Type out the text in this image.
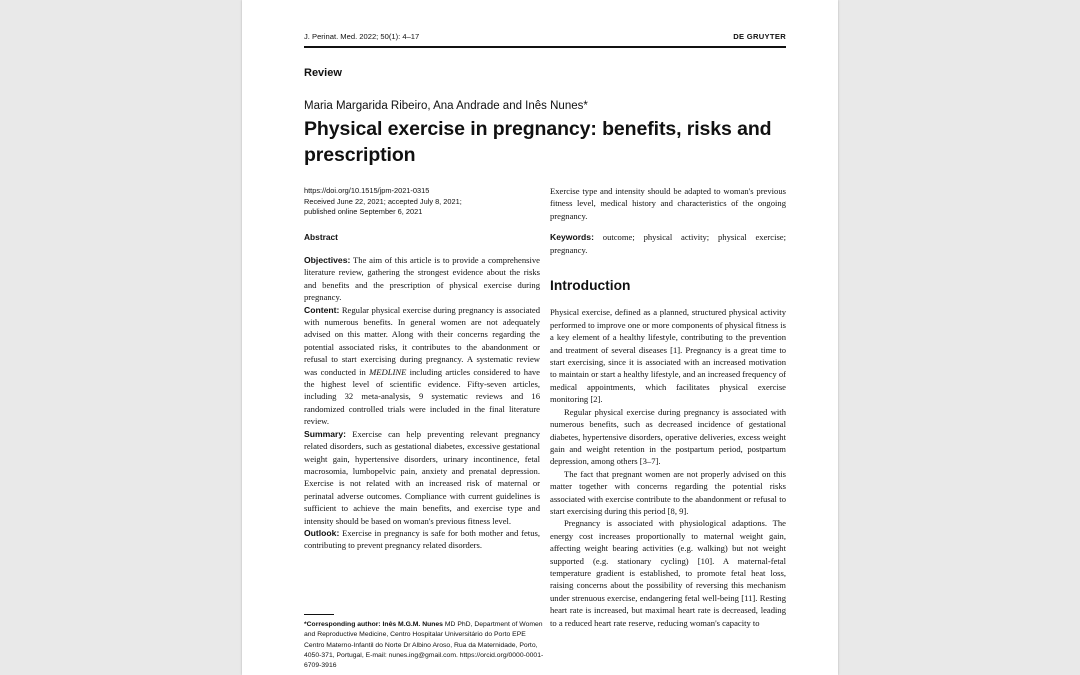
J. Perinat. Med. 2022; 50(1): 4–17	DE GRUYTER
Review
Maria Margarida Ribeiro, Ana Andrade and Inês Nunes*
Physical exercise in pregnancy: benefits, risks and prescription
https://doi.org/10.1515/jpm-2021-0315
Received June 22, 2021; accepted July 8, 2021;
published online September 6, 2021
Abstract

Objectives: The aim of this article is to provide a comprehensive literature review, gathering the strongest evidence about the risks and benefits and the prescription of physical exercise during pregnancy.

Content: Regular physical exercise during pregnancy is associated with numerous benefits. In general women are not adequately advised on this matter. Along with their concerns regarding the potential associated risks, it contributes to the abandonment or refusal to start exercising during pregnancy. A systematic review was conducted in MEDLINE including articles considered to have the highest level of scientific evidence. Fifty-seven articles, including 32 meta-analysis, 9 systematic reviews and 16 randomized controlled trials were included in the final literature review.

Summary: Exercise can help preventing relevant pregnancy related disorders, such as gestational diabetes, excessive gestational weight gain, hypertensive disorders, urinary incontinence, fetal macrosomia, lumbopelvic pain, anxiety and prenatal depression. Exercise is not related with an increased risk of maternal or perinatal adverse outcomes. Compliance with current guidelines is sufficient to achieve the main benefits, and exercise type and intensity should be based on woman's previous fitness level.

Outlook: Exercise in pregnancy is safe for both mother and fetus, contributing to prevent pregnancy related disorders.

Exercise type and intensity should be adapted to woman's previous fitness level, medical history and characteristics of the ongoing pregnancy.

Keywords: outcome; physical activity; physical exercise; pregnancy.

Introduction

Physical exercise, defined as a planned, structured physical activity performed to improve one or more components of physical fitness is a key element of a healthy lifestyle, contributing to the prevention and treatment of several diseases [1]. Pregnancy is a great time to start exercising, since it is associated with an increased motivation to maintain or start a healthy lifestyle, and an increased frequency of medical appointments, which facilitates physical exercise monitoring [2].

Regular physical exercise during pregnancy is associated with numerous benefits, such as decreased incidence of gestational diabetes, hypertensive disorders, operative deliveries, excess weight gain and weight retention in the postpartum period, postpartum depression, among others [3–7].

The fact that pregnant women are not properly advised on this matter together with concerns regarding the potential risks associated with exercise contribute to the abandonment or refusal to start exercising during this period [8, 9].

Pregnancy is associated with physiological adaptions. The energy cost increases proportionally to maternal weight gain, affecting weight bearing activities (e.g. walking) but not weight supported (e.g. stationary cycling) [10]. A maternal-fetal temperature gradient is established, to promote fetal heat loss, raising concerns about the possibility of reversing this mechanism under strenuous exercise, endangering fetal well-being [11]. Resting heart rate is increased, but maximal heart rate is decreased, leading to a reduced heart rate reserve, reducing woman's capacity to

*Corresponding author: Inês M.G.M. Nunes MD PhD, Department of Women and Reproductive Medicine, Centro Hospitalar Universitário do Porto EPE Centro Materno-Infantil do Norte Dr Albino Aroso, Rua da Maternidade, Porto, 4050-371, Portugal, E-mail: nunes.ing@gmail.com. https://orcid.org/0000-0001-6709-3916
